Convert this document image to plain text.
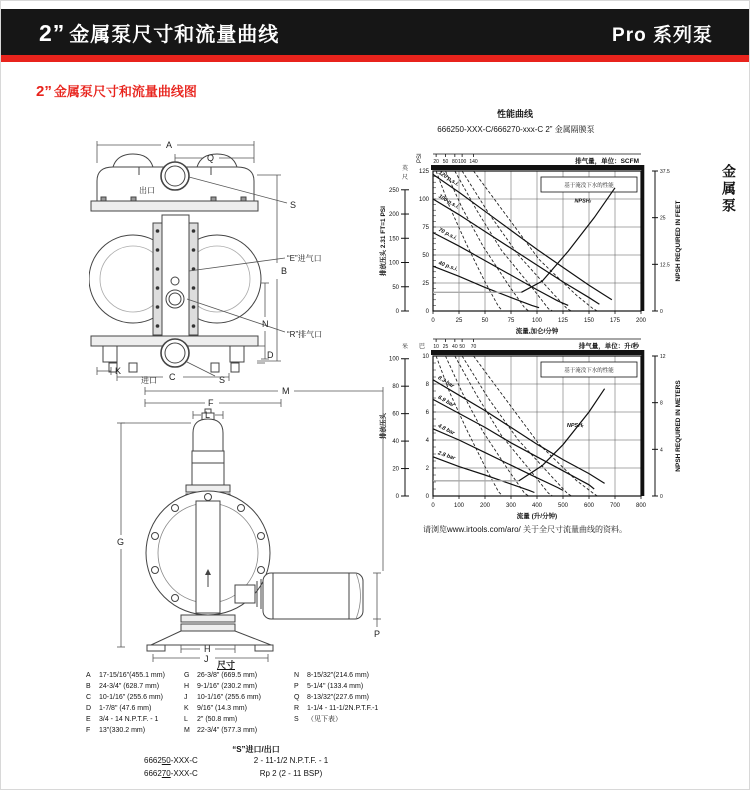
2” 金属泵尺寸和流量曲线	Pro 系列泵
2” 金属泵尺寸和流量曲线图
金属泵
性能曲线
666250-XXX-C/666270-xxx-C 2” 金属隔膜泵
0	25	50	75	100	125	150	175	200
流量,加仑/分钟
125
100
75
50
25
0
PSI
250
200
150
100
50
0
英
尺
排放压头 2.31 FT=1 PSI
20 50 80 100 140	排气量，单位：SCFM
基于淹没下水的性能
120 p.s.i.
100 p.s.i.
70 p.s.i.
40 p.s.i.
NPSHᵣ
37.5
25
12.5
0
NPSH REQUIRED IN FEET
0	100	200	300	400	500	600	700	800
流量 (升/分钟)
10
8
6
4
2
0
巴
100
80
60
40
20
0
米
排放压头
10 25 40 50 70	排气量，单位：升/秒
基于淹没下水的性能
8.3 bar
6.9 bar
4.8 bar
2.8 bar
NPSHᵣ
12
8
4
0
NPSH REQUIRED IN METERS
请浏览www.irtools.com/aro/ 关于全尺寸流量曲线的资料。
A
Q
S
出口
B
“E”进气口
N
“R”排气口
D
K
C	S
进口
M
F
L
G
P
H
J
尺寸
A	17-15/16"(455.1 mm)
B	24-3/4" (628.7 mm)
C	10-1/16" (255.6 mm)
D	1-7/8" (47.6 mm)
E	3/4 - 14 N.P.T.F. - 1
F	13"(330.2 mm)
G	26-3/8" (669.5 mm)
H	9-1/16" (230.2 mm)
J	10-1/16" (255.6 mm)
K	9/16" (14.3 mm)
L	2" (50.8 mm)
M	22-3/4" (577.3 mm)
N	8-15/32"(214.6 mm)
P	5-1/4" (133.4 mm)
Q	8-13/32"(227.6 mm)
R	1-1/4 - 11-1/2N.P.T.F.-1
S	（见下表）
“S”进口/出口
666250-XXX-C	2 - 11-1/2 N.P.T.F. - 1
666270-XXX-C	Rp 2 (2 - 11 BSP)
